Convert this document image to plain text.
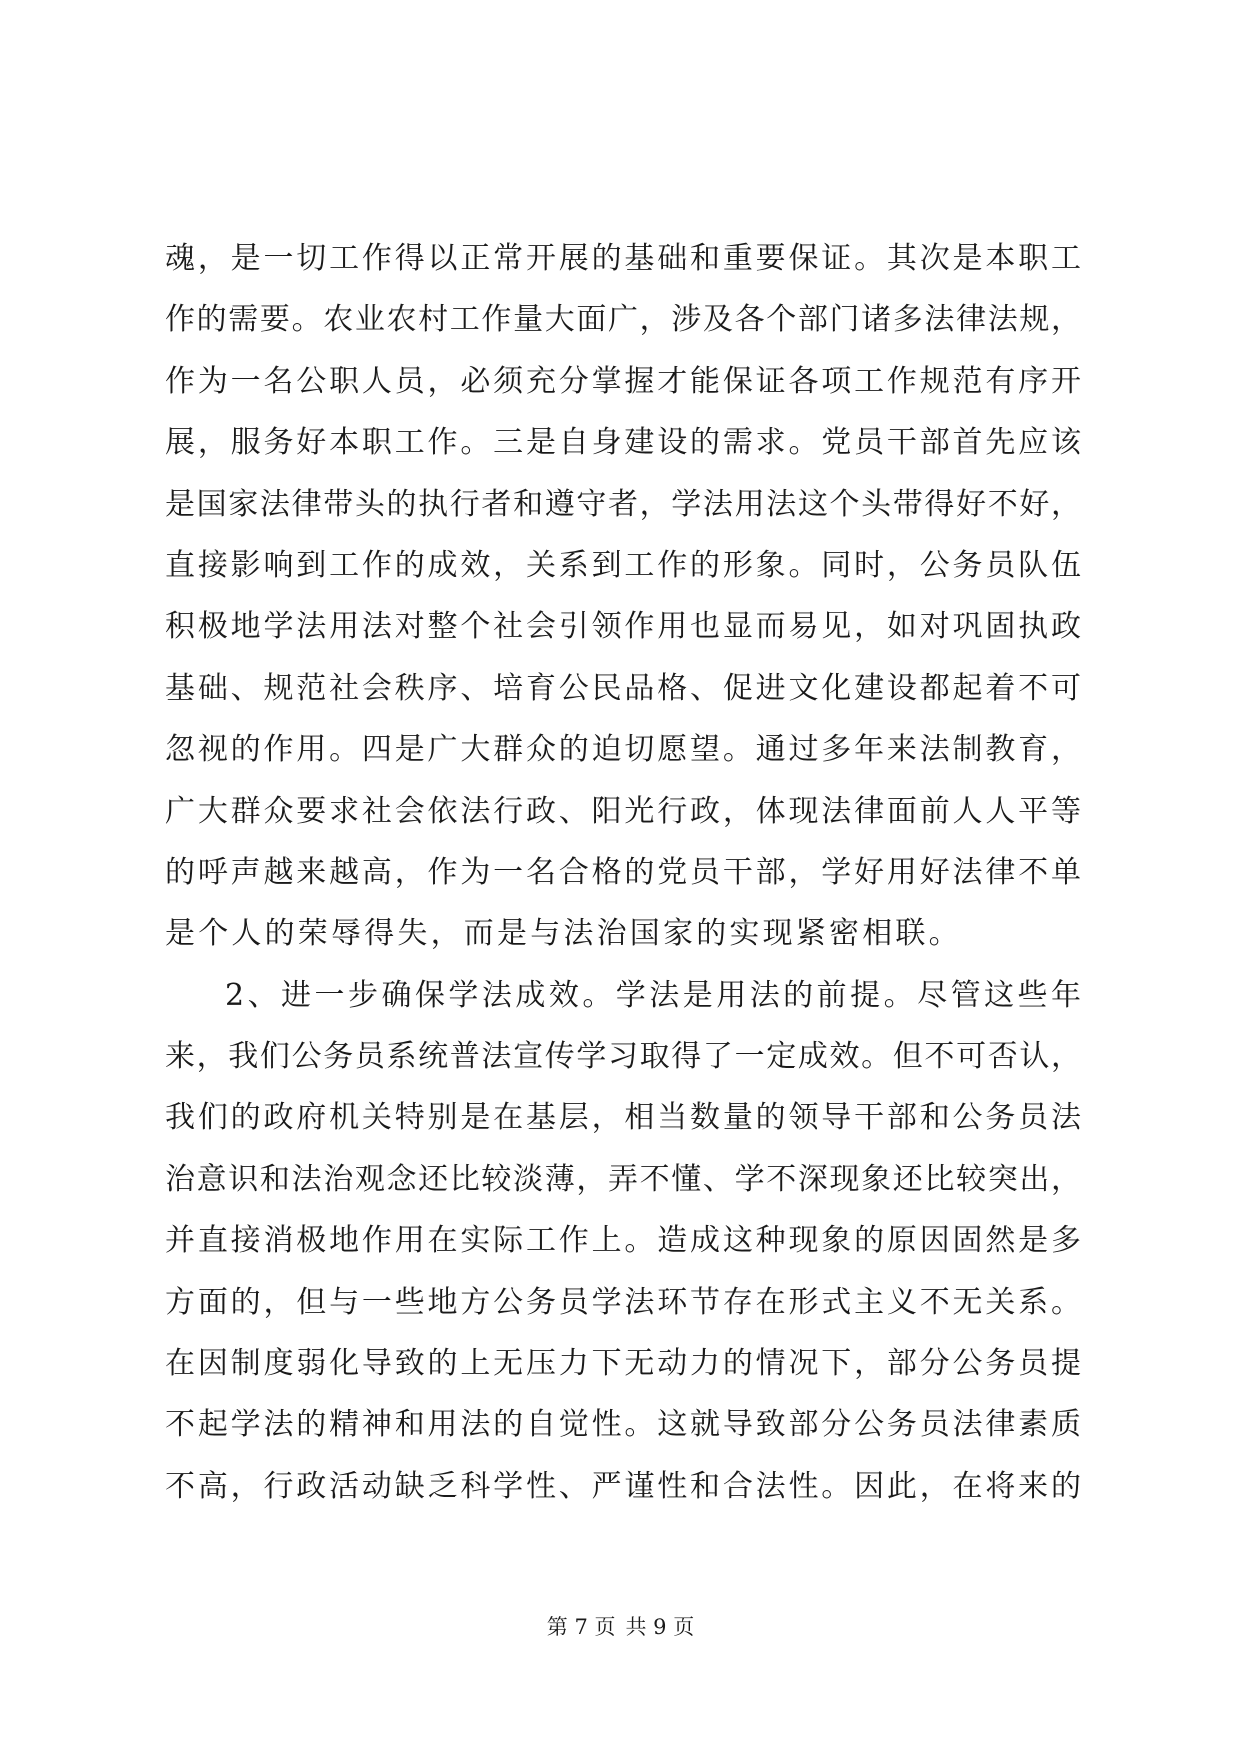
魂，是一切工作得以正常开展的基础和重要保证。其次是本职工
作的需要。农业农村工作量大面广，涉及各个部门诸多法律法规，
作为一名公职人员，必须充分掌握才能保证各项工作规范有序开
展，服务好本职工作。三是自身建设的需求。党员干部首先应该
是国家法律带头的执行者和遵守者，学法用法这个头带得好不好，
直接影响到工作的成效，关系到工作的形象。同时，公务员队伍
积极地学法用法对整个社会引领作用也显而易见，如对巩固执政
基础、规范社会秩序、培育公民品格、促进文化建设都起着不可
忽视的作用。四是广大群众的迫切愿望。通过多年来法制教育，
广大群众要求社会依法行政、阳光行政，体现法律面前人人平等
的呼声越来越高，作为一名合格的党员干部，学好用好法律不单
是个人的荣辱得失，而是与法治国家的实现紧密相联。
2、进一步确保学法成效。学法是用法的前提。尽管这些年
来，我们公务员系统普法宣传学习取得了一定成效。但不可否认，
我们的政府机关特别是在基层，相当数量的领导干部和公务员法
治意识和法治观念还比较淡薄，弄不懂、学不深现象还比较突出，
并直接消极地作用在实际工作上。造成这种现象的原因固然是多
方面的，但与一些地方公务员学法环节存在形式主义不无关系。
在因制度弱化导致的上无压力下无动力的情况下，部分公务员提
不起学法的精神和用法的自觉性。这就导致部分公务员法律素质
不高，行政活动缺乏科学性、严谨性和合法性。因此，在将来的
第 7 页 共 9 页
